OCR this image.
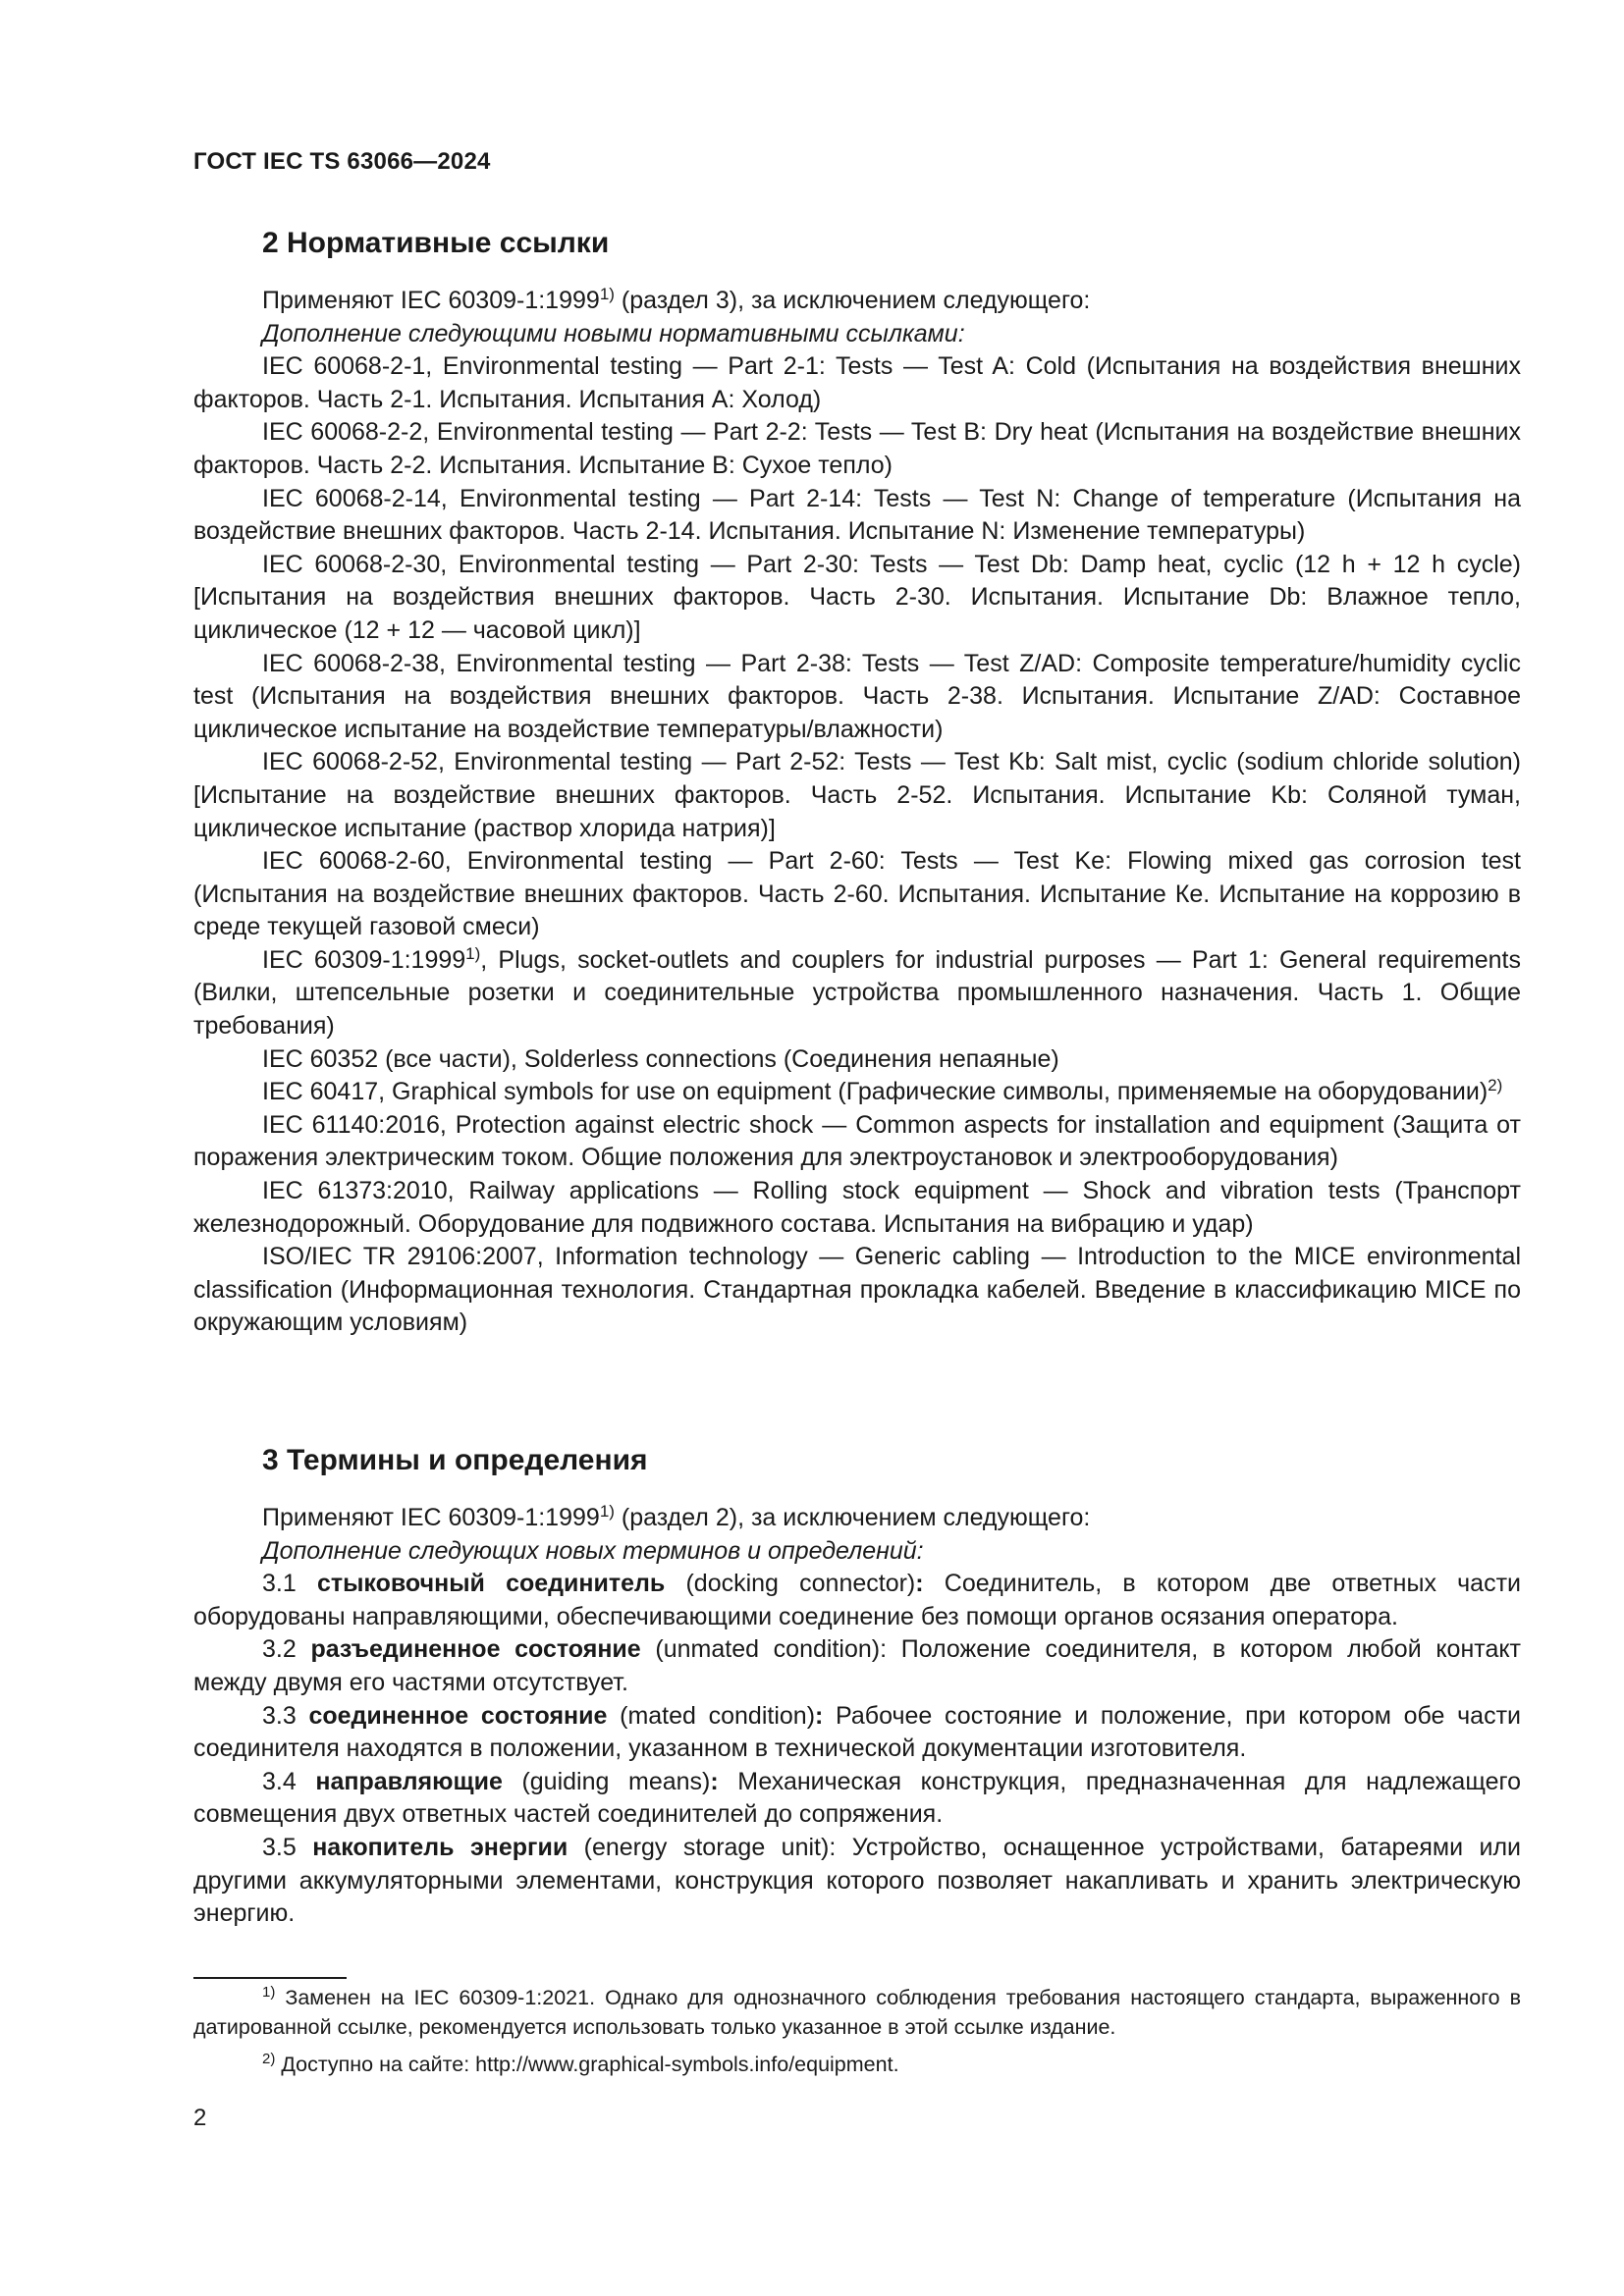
ГОСТ IEC TS 63066—2024
2 Нормативные ссылки

Применяют IEC 60309-1:1999$^{1)}$ (раздел 3), за исключением следующего:

Дополнение следующими новыми нормативными ссылками:

IEC 60068-2-1, Environmental testing — Part 2-1: Tests — Test A: Cold (Испытания на воздействия внешних факторов. Часть 2-1. Испытания. Испытания А: Холод)

IEC 60068-2-2, Environmental testing — Part 2-2: Tests — Test B: Dry heat (Испытания на воздействие внешних факторов. Часть 2-2. Испытания. Испытание В: Сухое тепло)

IEC 60068-2-14, Environmental testing — Part 2-14: Tests — Test N: Change of temperature (Испытания на воздействие внешних факторов. Часть 2-14. Испытания. Испытание N: Изменение температуры)

IEC 60068-2-30, Environmental testing — Part 2-30: Tests — Test Db: Damp heat, cyclic (12 h + 12 h cycle) [Испытания на воздействия внешних факторов. Часть 2-30. Испытания. Испытание Db: Влажное тепло, циклическое (12 + 12 — часовой цикл)]

IEC 60068-2-38, Environmental testing — Part 2-38: Tests — Test Z/AD: Composite temperature/humidity cyclic test (Испытания на воздействия внешних факторов. Часть 2-38. Испытания. Испытание Z/AD: Составное циклическое испытание на воздействие температуры/влажности)

IEC 60068-2-52, Environmental testing — Part 2-52: Tests — Test Kb: Salt mist, cyclic (sodium chloride solution) [Испытание на воздействие внешних факторов. Часть 2-52. Испытания. Испытание Kb: Соляной туман, циклическое испытание (раствор хлорида натрия)]

IEC 60068-2-60, Environmental testing — Part 2-60: Tests — Test Ke: Flowing mixed gas corrosion test (Испытания на воздействие внешних факторов. Часть 2-60. Испытания. Испытание Ке. Испытание на коррозию в среде текущей газовой смеси)

IEC 60309-1:1999$^{1)}$, Plugs, socket-outlets and couplers for industrial purposes — Part 1: General requirements (Вилки, штепсельные розетки и соединительные устройства промышленного назначения. Часть 1. Общие требования)

IEC 60352 (все части), Solderless connections (Соединения непаяные)

IEC 60417, Graphical symbols for use on equipment (Графические символы, применяемые на оборудовании)$^{2)}$

IEC 61140:2016, Protection against electric shock — Common aspects for installation and equipment (Защита от поражения электрическим током. Общие положения для электроустановок и электрооборудования)

IEC 61373:2010, Railway applications — Rolling stock equipment — Shock and vibration tests (Транспорт железнодорожный. Оборудование для подвижного состава. Испытания на вибрацию и удар)

ISO/IEC TR 29106:2007, Information technology — Generic cabling — Introduction to the MICE environmental classification (Информационная технология. Стандартная прокладка кабелей. Введение в классификацию MICE по окружающим условиям)

3 Термины и определения

Применяют IEC 60309-1:1999$^{1)}$ (раздел 2), за исключением следующего:

Дополнение следующих новых терминов и определений:

3.1 стыковочный соединитель (docking connector): Соединитель, в котором две ответных части оборудованы направляющими, обеспечивающими соединение без помощи органов осязания оператора.

3.2 разъединенное состояние (unmated condition): Положение соединителя, в котором любой контакт между двумя его частями отсутствует.

3.3 соединенное состояние (mated condition): Рабочее состояние и положение, при котором обе части соединителя находятся в положении, указанном в технической документации изготовителя.

3.4 направляющие (guiding means): Механическая конструкция, предназначенная для надлежащего совмещения двух ответных частей соединителей до сопряжения.

3.5 накопитель энергии (energy storage unit): Устройство, оснащенное устройствами, батареями или другими аккумуляторными элементами, конструкция которого позволяет накапливать и хранить электрическую энергию.

$^{1)}$ Заменен на IEC 60309-1:2021. Однако для однозначного соблюдения требования настоящего стандарта, выраженного в датированной ссылке, рекомендуется использовать только указанное в этой ссылке издание.

$^{2)}$ Доступно на сайте: http://www.graphical-symbols.info/equipment.

2
